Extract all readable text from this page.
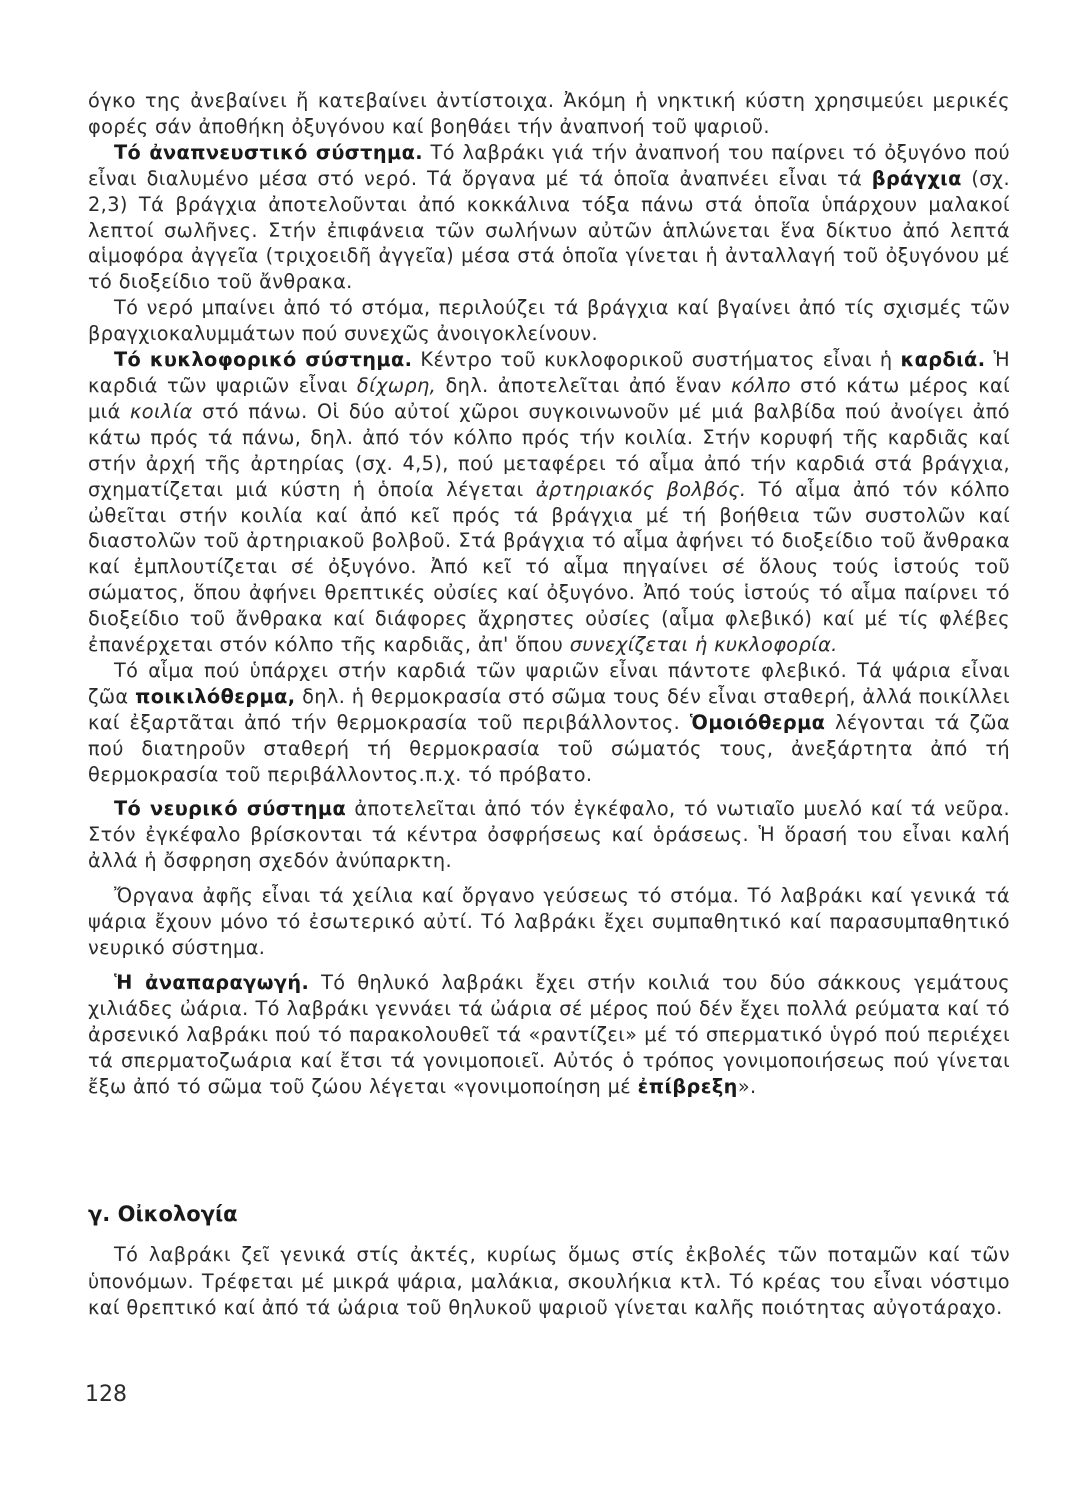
όγκο της ἀνεβαίνει ἤ κατεβαίνει ἀντίστοιχα. Ἀκόμη ἡ νηκτική κύστη χρησιμεύει μερικές φορές σάν ἀποθήκη ὀξυγόνου καί βοηθάει τήν ἀναπνοή τοῦ ψαριοῦ.

Τό ἀναπνευστικό σύστημα. Τό λαβράκι γιά τήν ἀναπνοή του παίρνει τό ὀξυγόνο πού εἶναι διαλυμένο μέσα στό νερό. Τά ὄργανα μέ τά ὁποῖα ἀναπνέει εἶναι τά βράγχια (σχ. 2,3) Τά βράγχια ἀποτελοῦνται ἀπό κοκκάλινα τόξα πάνω στά ὁποῖα ὑπάρχουν μαλακοί λεπτοί σωλῆνες. Στήν ἐπιφάνεια τῶν σωλήνων αὐτῶν ἁπλώνεται ἕνα δίκτυο ἀπό λεπτά αἱμοφόρα ἀγγεῖα (τριχοειδῆ ἀγγεῖα) μέσα στά ὁποῖα γίνεται ἡ ἀνταλλαγή τοῦ ὀξυγόνου μέ τό διοξείδιο τοῦ ἄνθρακα.

Τό νερό μπαίνει ἀπό τό στόμα, περιλούζει τά βράγχια καί βγαίνει ἀπό τίς σχισμές τῶν βραγχιοκαλυμμάτων πού συνεχῶς ἀνοιγοκλείνουν.

Τό κυκλοφορικό σύστημα. Κέντρο τοῦ κυκλοφορικοῦ συστήματος εἶναι ἡ καρδιά. Ἡ καρδιά τῶν ψαριῶν εἶναι δίχωρη, δηλ. ἀποτελεῖται ἀπό ἕναν κόλπο στό κάτω μέρος καί μιά κοιλία στό πάνω. Οἱ δύο αὐτοί χῶροι συγκοινωνοῦν μέ μιά βαλβίδα πού ἀνοίγει ἀπό κάτω πρός τά πάνω, δηλ. ἀπό τόν κόλπο πρός τήν κοιλία. Στήν κορυφή τῆς καρδιᾶς καί στήν ἀρχή τῆς ἀρτηρίας (σχ. 4,5), πού μεταφέρει τό αἷμα ἀπό τήν καρδιά στά βράγχια, σχηματίζεται μιά κύστη ἡ ὁποία λέγεται ἀρτηριακός βολβός. Τό αἷμα ἀπό τόν κόλπο ὠθεῖται στήν κοιλία καί ἀπό κεῖ πρός τά βράγχια μέ τή βοήθεια τῶν συστολῶν καί διαστολῶν τοῦ ἀρτηριακοῦ βολβοῦ. Στά βράγχια τό αἷμα ἀφήνει τό διοξείδιο τοῦ ἄνθρακα καί ἐμπλουτίζεται σέ ὀξυγόνο. Ἀπό κεῖ τό αἷμα πηγαίνει σέ ὅλους τούς ἱστούς τοῦ σώματος, ὅπου ἀφήνει θρεπτικές οὐσίες καί ὀξυγόνο. Ἀπό τούς ἱστούς τό αἷμα παίρνει τό διοξείδιο τοῦ ἄνθρακα καί διάφορες ἄχρηστες οὐσίες (αἷμα φλεβικό) καί μέ τίς φλέβες ἐπανέρχεται στόν κόλπο τῆς καρδιᾶς, ἀπ' ὅπου συνεχίζεται ἡ κυκλοφορία.

Τό αἷμα πού ὑπάρχει στήν καρδιά τῶν ψαριῶν εἶναι πάντοτε φλεβικό. Τά ψάρια εἶναι ζῶα ποικιλόθερμα, δηλ. ἡ θερμοκρασία στό σῶμα τους δέν εἶναι σταθερή, ἀλλά ποικίλλει καί ἐξαρτᾶται ἀπό τήν θερμοκρασία τοῦ περιβάλλοντος. Ὁμοιόθερμα λέγονται τά ζῶα πού διατηροῦν σταθερή τή θερμοκρασία τοῦ σώματός τους, ἀνεξάρτητα ἀπό τή θερμοκρασία τοῦ περιβάλλοντος.π.χ. τό πρόβατο.

Τό νευρικό σύστημα ἀποτελεῖται ἀπό τόν ἐγκέφαλο, τό νωτιαῖο μυελό καί τά νεῦρα. Στόν ἐγκέφαλο βρίσκονται τά κέντρα ὀσφρήσεως καί ὁράσεως. Ἡ ὅρασή του εἶναι καλή ἀλλά ἡ ὄσφρηση σχεδόν ἀνύπαρκτη.

Ὄργανα ἀφῆς εἶναι τά χείλια καί ὄργανο γεύσεως τό στόμα. Τό λαβράκι καί γενικά τά ψάρια ἔχουν μόνο τό ἐσωτερικό αὐτί. Τό λαβράκι ἔχει συμπαθητικό καί παρασυμπαθητικό νευρικό σύστημα.

Ἡ ἀναπαραγωγή. Τό θηλυκό λαβράκι ἔχει στήν κοιλιά του δύο σάκκους γεμάτους χιλιάδες ὠάρια. Τό λαβράκι γεννάει τά ὠάρια σέ μέρος πού δέν ἔχει πολλά ρεύματα καί τό ἀρσενικό λαβράκι πού τό παρακολουθεῖ τά «ραντίζει» μέ τό σπερματικό ὑγρό πού περιέχει τά σπερματοζωάρια καί ἔτσι τά γονιμοποιεῖ. Αὐτός ὁ τρόπος γονιμοποιήσεως πού γίνεται ἔξω ἀπό τό σῶμα τοῦ ζώου λέγεται «γονιμοποίηση μέ ἐπίβρεξη».

γ. Οἰκολογία

Τό λαβράκι ζεῖ γενικά στίς ἀκτές, κυρίως ὅμως στίς ἐκβολές τῶν ποταμῶν καί τῶν ὑπονόμων. Τρέφεται μέ μικρά ψάρια, μαλάκια, σκουλήκια κτλ. Τό κρέας του εἶναι νόστιμο καί θρεπτικό καί ἀπό τά ὠάρια τοῦ θηλυκοῦ ψαριοῦ γίνεται καλῆς ποιότητας αὐγοτάραχο.

128
